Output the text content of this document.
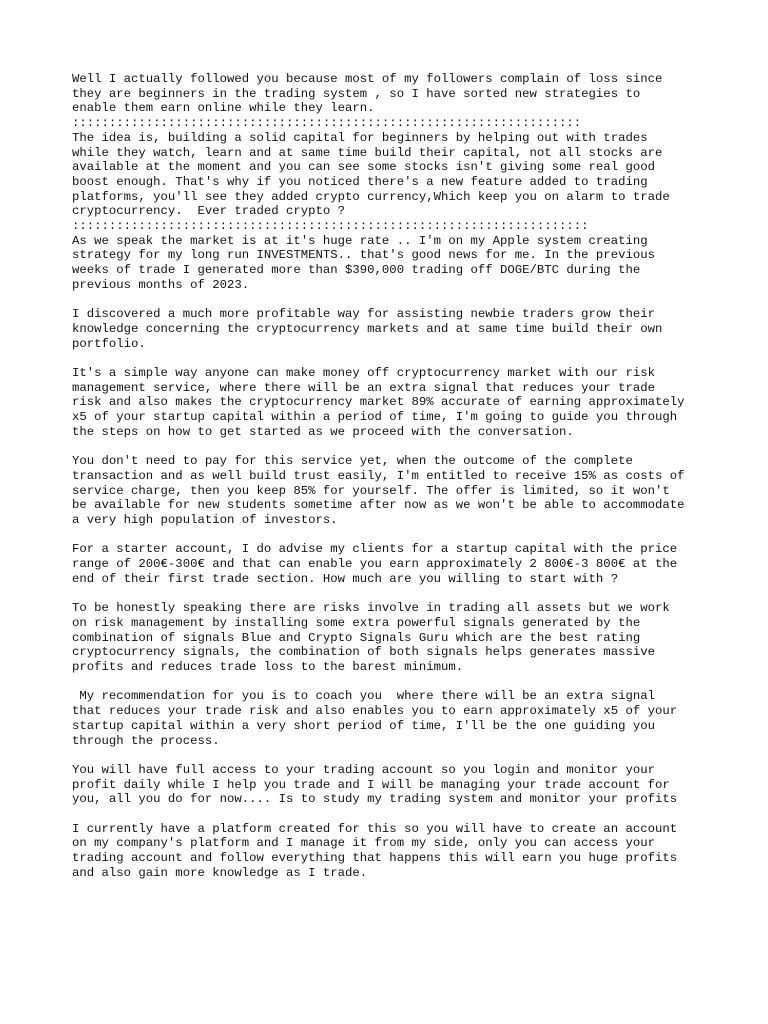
Well I actually followed you because most of my followers complain of loss since
they are beginners in the trading system , so I have sorted new strategies to
enable them earn online while they learn.
:::::::::::::::::::::::::::::::::::::::::::::::::::::::::::::::::::::
The idea is, building a solid capital for beginners by helping out with trades
while they watch, learn and at same time build their capital, not all stocks are
available at the moment and you can see some stocks isn't giving some real good
boost enough. That's why if you noticed there's a new feature added to trading
platforms, you'll see they added crypto currency,Which keep you on alarm to trade
cryptocurrency.  Ever traded crypto ?
::::::::::::::::::::::::::::::::::::::::::::::::::::::::::::::::::::::
As we speak the market is at it's huge rate .. I'm on my Apple system creating
strategy for my long run INVESTMENTS.. that's good news for me. In the previous
weeks of trade I generated more than $390,000 trading off DOGE/BTC during the
previous months of 2023.

I discovered a much more profitable way for assisting newbie traders grow their
knowledge concerning the cryptocurrency markets and at same time build their own
portfolio.

It's a simple way anyone can make money off cryptocurrency market with our risk
management service, where there will be an extra signal that reduces your trade
risk and also makes the cryptocurrency market 89% accurate of earning approximately
x5 of your startup capital within a period of time, I'm going to guide you through
the steps on how to get started as we proceed with the conversation.

You don't need to pay for this service yet, when the outcome of the complete
transaction and as well build trust easily, I'm entitled to receive 15% as costs of
service charge, then you keep 85% for yourself. The offer is limited, so it won't
be available for new students sometime after now as we won't be able to accommodate
a very high population of investors.

For a starter account, I do advise my clients for a startup capital with the price
range of 200€-300€ and that can enable you earn approximately 2 800€-3 800€ at the
end of their first trade section. How much are you willing to start with ?

To be honestly speaking there are risks involve in trading all assets but we work
on risk management by installing some extra powerful signals generated by the
combination of signals Blue and Crypto Signals Guru which are the best rating
cryptocurrency signals, the combination of both signals helps generates massive
profits and reduces trade loss to the barest minimum.

My recommendation for you is to coach you  where there will be an extra signal
that reduces your trade risk and also enables you to earn approximately x5 of your
startup capital within a very short period of time, I'll be the one guiding you
through the process.

You will have full access to your trading account so you login and monitor your
profit daily while I help you trade and I will be managing your trade account for
you, all you do for now.... Is to study my trading system and monitor your profits

I currently have a platform created for this so you will have to create an account
on my company's platform and I manage it from my side, only you can access your
trading account and follow everything that happens this will earn you huge profits
and also gain more knowledge as I trade.
